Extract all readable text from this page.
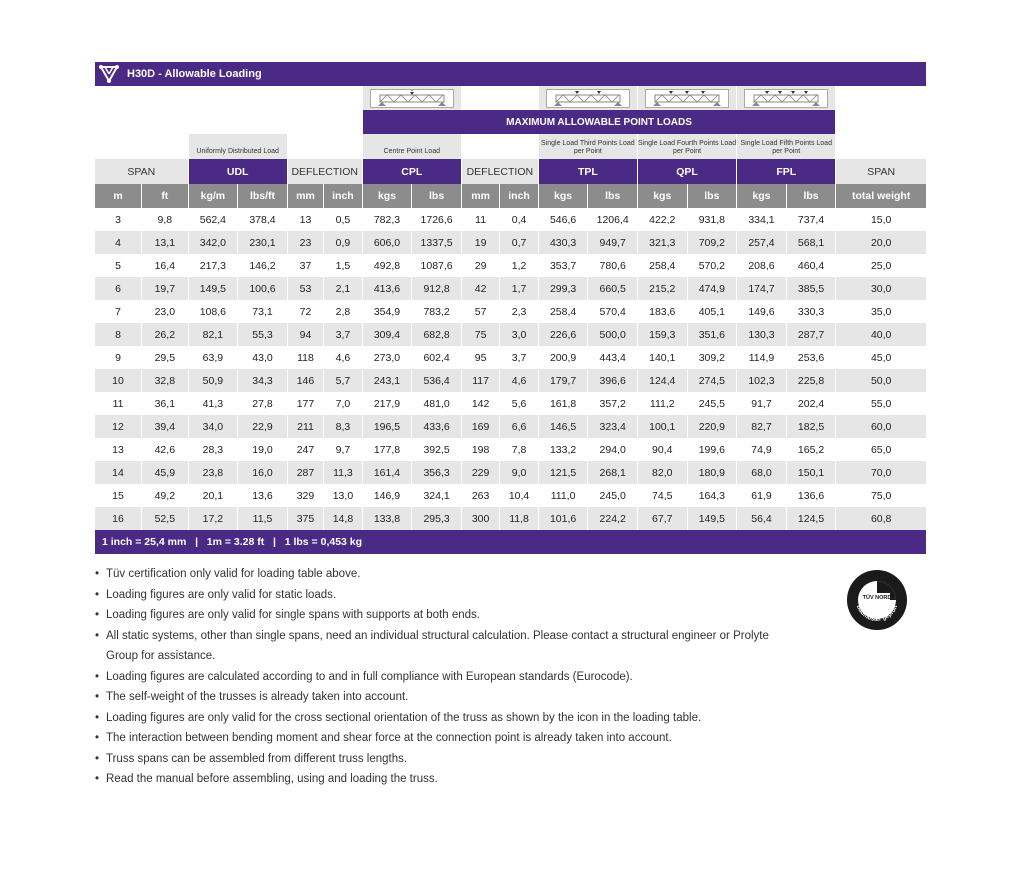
H30D - Allowable Loading

						MAXIMUM ALLOWABLE POINT LOADS										
		Uniformly Distributed Load				Centre Point Load				Single Load Third Points Load per Point		Single Load Fourth Points Load per Point		Single Load Fifth Points Load per Point		
SPAN		UDL		DEFLECTION		CPL		DEFLECTION		TPL		QPL		FPL		SPAN
m	ft	kg/m	lbs/ft	mm	inch	kgs	lbs	mm	inch	kgs	lbs	kgs	lbs	kgs	lbs	total weight
3	9,8	562,4	378,4	13	0,5	782,3	1726,6	11	0,4	546,6	1206,4	422,2	931,8	334,1	737,4	15,0
4	13,1	342,0	230,1	23	0,9	606,0	1337,5	19	0,7	430,3	949,7	321,3	709,2	257,4	568,1	20,0
5	16,4	217,3	146,2	37	1,5	492,8	1087,6	29	1,2	353,7	780,6	258,4	570,2	208,6	460,4	25,0
6	19,7	149,5	100,6	53	2,1	413,6	912,8	42	1,7	299,3	660,5	215,2	474,9	174,7	385,5	30,0
7	23,0	108,6	73,1	72	2,8	354,9	783,2	57	2,3	258,4	570,4	183,6	405,1	149,6	330,3	35,0
8	26,2	82,1	55,3	94	3,7	309,4	682,8	75	3,0	226,6	500,0	159,3	351,6	130,3	287,7	40,0
9	29,5	63,9	43,0	118	4,6	273,0	602,4	95	3,7	200,9	443,4	140,1	309,2	114,9	253,6	45,0
10	32,8	50,9	34,3	146	5,7	243,1	536,4	117	4,6	179,7	396,6	124,4	274,5	102,3	225,8	50,0
11	36,1	41,3	27,8	177	7,0	217,9	481,0	142	5,6	161,8	357,2	111,2	245,5	91,7	202,4	55,0
12	39,4	34,0	22,9	211	8,3	196,5	433,6	169	6,6	146,5	323,4	100,1	220,9	82,7	182,5	60,0
13	42,6	28,3	19,0	247	9,7	177,8	392,5	198	7,8	133,2	294,0	90,4	199,6	74,9	165,2	65,0
14	45,9	23,8	16,0	287	11,3	161,4	356,3	229	9,0	121,5	268,1	82,0	180,9	68,0	150,1	70,0
15	49,2	20,1	13,6	329	13,0	146,9	324,1	263	10,4	111,0	245,0	74,5	164,3	61,9	136,6	75,0
16	52,5	17,2	11,5	375	14,8	133,8	295,3	300	11,8	101,6	224,2	67,7	149,5	56,4	124,5	60,8
1 inch = 25,4 mm   |   1m = 3.28 ft   |   1 lbs = 0,453 kg
• Tüv certification only valid for loading table above.
• Loading figures are only valid for static loads.
• Loading figures are only valid for single spans with supports at both ends.
• All static systems, other than single spans, need an individual structural calculation. Please contact a structural engineer or Prolyte Group for assistance.
• Loading figures are calculated according to and in full compliance with European standards (Eurocode).
• The self-weight of the trusses is already taken into account.
• Loading figures are only valid for the cross sectional orientation of the truss as shown by the icon in the loading table.
• The interaction between bending moment and shear force at the connection point is already taken into account.
• Truss spans can be assembled from different truss lengths.
• Read the manual before assembling, using and loading the truss.
TÜV NORD
Baumuster geprüft
